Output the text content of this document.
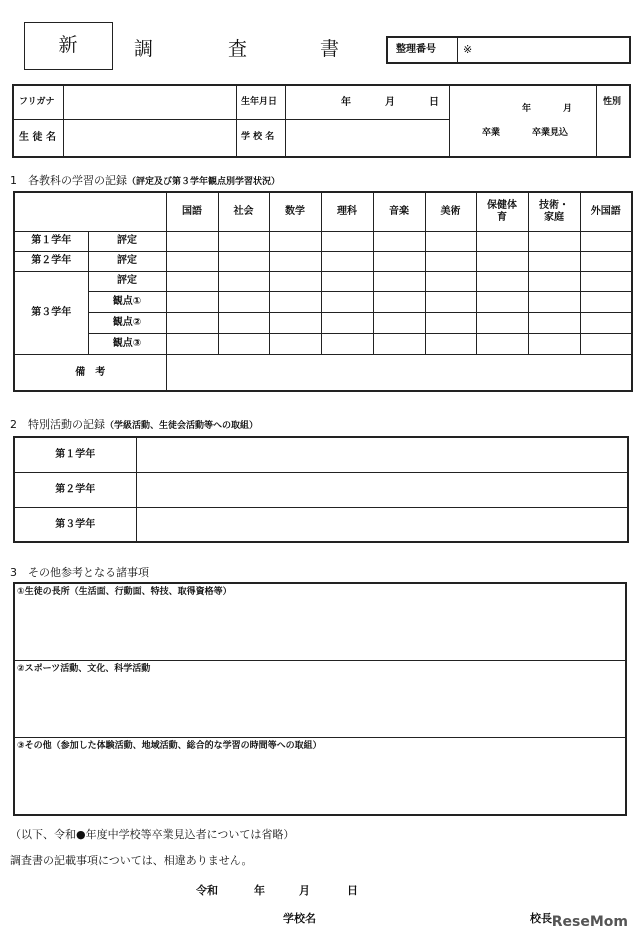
新	調	査	書	整理番号 ※
フリガナ
生 徒 名
生年月日
学 校 名
年	月	日
年	月
卒業	卒業見込
性別
1　各教科の学習の記録（評定及び第３学年観点別学習状況）
		国語	社会	数学	理科	音楽	美術	保健体育	技術・家庭	外国語
第１学年	評定									
第２学年	評定									
第３学年	評定									
	観点①									
	観点②									
	観点③									
備　考										
2　特別活動の記録（学級活動、生徒会活動等への取組）
第１学年	
第２学年	
第３学年	
3　その他参考となる諸事項
①生徒の長所（生活面、行動面、特技、取得資格等）
②スポーツ活動、文化、科学活動
③その他（参加した体験活動、地域活動、総合的な学習の時間等への取組）
（以下、令和●年度中学校等卒業見込者については省略）
調査書の記載事項については、相違ありません。
令和	年	月	日
学校名	校長 ReseMom
